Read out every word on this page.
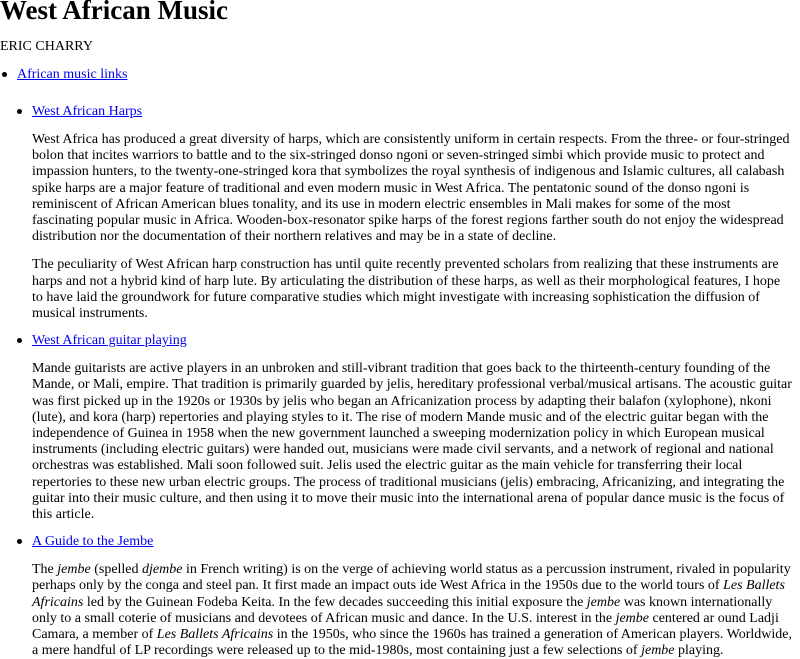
West African Music

ERIC CHARRY

African music links
West African Harps

West Africa has produced a great diversity of harps, which are consistently uniform in certain respects. From the three- or four-stringed bolon that incites warriors to battle and to the six-stringed donso ngoni or seven-stringed simbi which provide music to protect and impassion hunters, to the twenty-one-stringed kora that symbolizes the royal synthesis of indigenous and Islamic cultures, all calabash spike harps are a major feature of traditional and even modern music in West Africa. The pentatonic sound of the donso ngoni is reminiscent of African American blues tonality, and its use in modern electric ensembles in Mali makes for some of the most fascinating popular music in Africa. Wooden-box-resonator spike harps of the forest regions farther south do not enjoy the widespread distribution nor the documentation of their northern relatives and may be in a state of decline.

The peculiarity of West African harp construction has until quite recently prevented scholars from realizing that these instruments are harps and not a hybrid kind of harp lute. By articulating the distribution of these harps, as well as their morphological features, I hope to have laid the groundwork for future comparative studies which might investigate with increasing sophistication the diffusion of musical instruments.

West African guitar playing

Mande guitarists are active players in an unbroken and still-vibrant tradition that goes back to the thirteenth-century founding of the Mande, or Mali, empire. That tradition is primarily guarded by jelis, hereditary professional verbal/musical artisans. The acoustic guitar was first picked up in the 1920s or 1930s by jelis who began an Africanization process by adapting their balafon (xylophone), nkoni (lute), and kora (harp) repertories and playing styles to it. The rise of modern Mande music and of the electric guitar began with the independence of Guinea in 1958 when the new government launched a sweeping modernization policy in which European musical instruments (including electric guitars) were handed out, musicians were made civil servants, and a network of regional and national orchestras was established. Mali soon followed suit. Jelis used the electric guitar as the main vehicle for transferring their local repertories to these new urban electric groups. The process of traditional musicians (jelis) embracing, Africanizing, and integrating the guitar into their music culture, and then using it to move their music into the international arena of popular dance music is the focus of this article.

A Guide to the Jembe

The jembe (spelled djembe in French writing) is on the verge of achieving world status as a percussion instrument, rivaled in popularity perhaps only by the conga and steel pan. It first made an impact outs ide West Africa in the 1950s due to the world tours of Les Ballets Africains led by the Guinean Fodeba Keita. In the few decades succeeding this initial exposure the jembe was known internationally only to a small coterie of musicians and devotees of African music and dance. In the U.S. interest in the jembe centered ar ound Ladji Camara, a member of Les Ballets Africains in the 1950s, who since the 1960s has trained a generation of American players. Worldwide, a mere handful of LP recordings were released up to the mid-1980s, most containing just a few selections of jembe playing.
